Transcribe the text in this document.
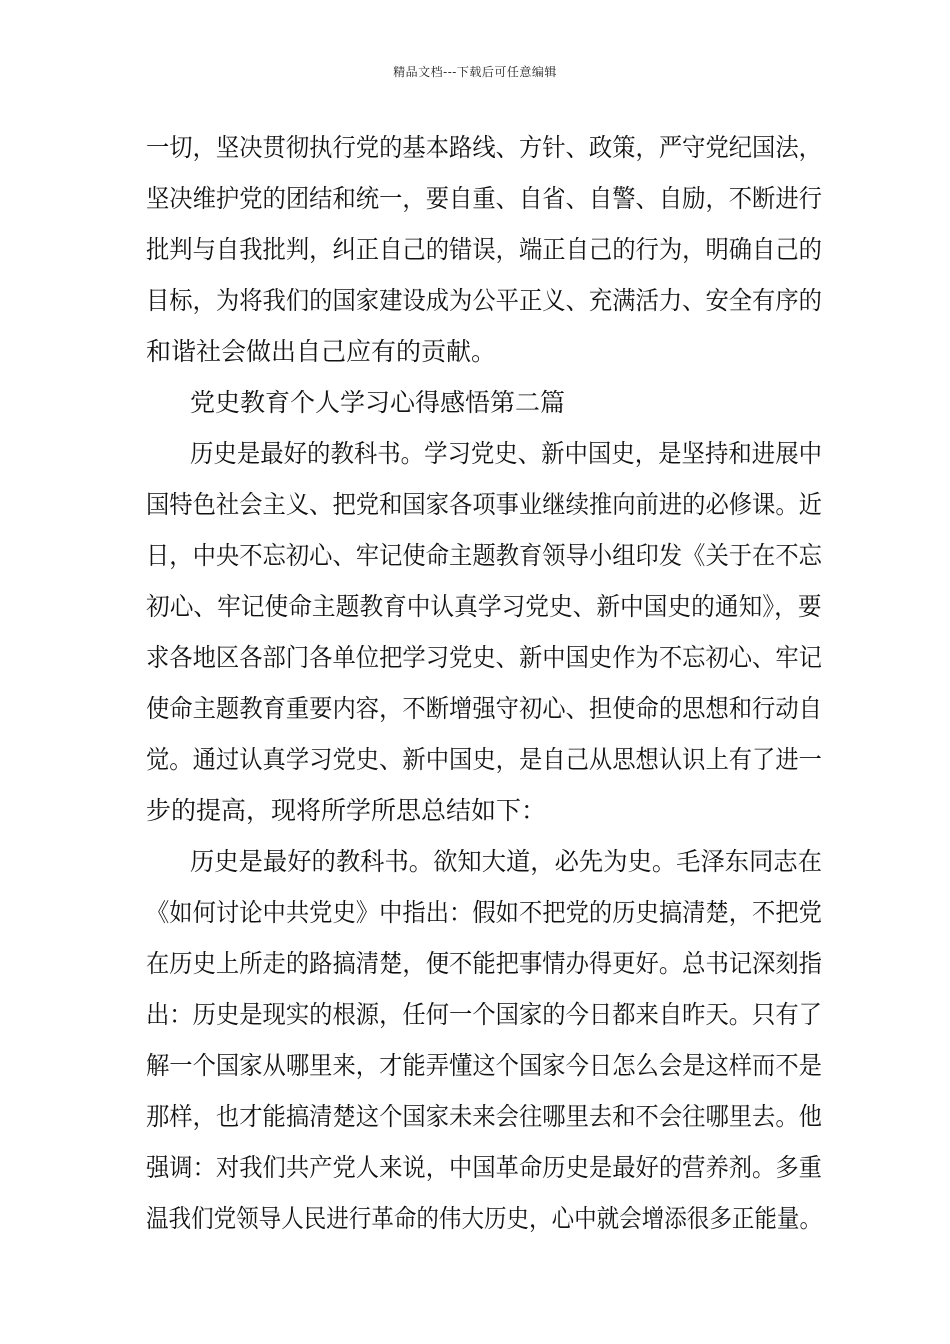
精品文档---下载后可任意编辑
一切，坚决贯彻执行党的基本路线、方针、政策，严守党纪国法，
坚决维护党的团结和统一，要自重、自省、自警、自励，不断进行
批判与自我批判，纠正自己的错误，端正自己的行为，明确自己的
目标，为将我们的国家建设成为公平正义、充满活力、安全有序的
和谐社会做出自己应有的贡献。
党史教育个人学习心得感悟第二篇
历史是最好的教科书。学习党史、新中国史，是坚持和进展中
国特色社会主义、把党和国家各项事业继续推向前进的必修课。近
日，中央不忘初心、牢记使命主题教育领导小组印发《关于在不忘
初心、牢记使命主题教育中认真学习党史、新中国史的通知》，要
求各地区各部门各单位把学习党史、新中国史作为不忘初心、牢记
使命主题教育重要内容，不断增强守初心、担使命的思想和行动自
觉。通过认真学习党史、新中国史，是自己从思想认识上有了进一
步的提高，现将所学所思总结如下：
历史是最好的教科书。欲知大道，必先为史。毛泽东同志在
《如何讨论中共党史》中指出：假如不把党的历史搞清楚，不把党
在历史上所走的路搞清楚，便不能把事情办得更好。总书记深刻指
出：历史是现实的根源，任何一个国家的今日都来自昨天。只有了
解一个国家从哪里来，才能弄懂这个国家今日怎么会是这样而不是
那样，也才能搞清楚这个国家未来会往哪里去和不会往哪里去。他
强调：对我们共产党人来说，中国革命历史是最好的营养剂。多重
温我们党领导人民进行革命的伟大历史，心中就会增添很多正能量。
